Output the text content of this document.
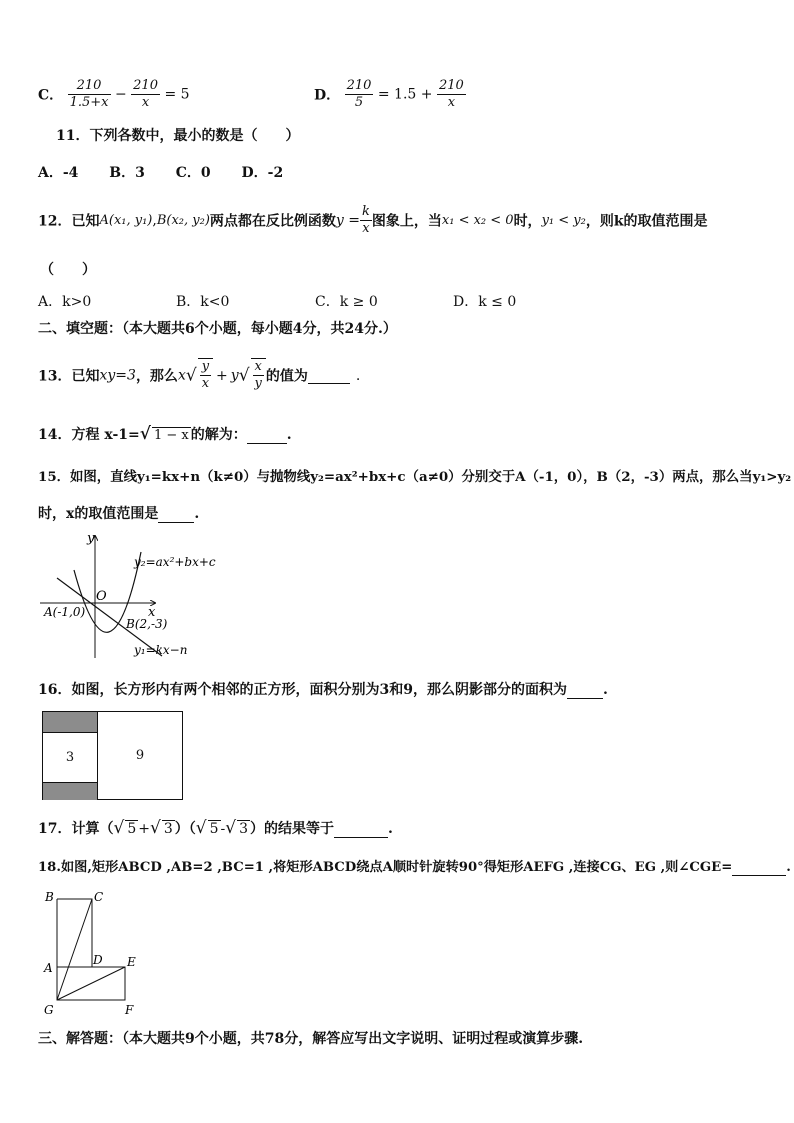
C． $\frac{210}{1.5+x} - \frac{210}{x} = 5$	D． $\frac{210}{5} = 1.5 + \frac{210}{x}$
11．下列各数中，最小的数是（　　）
A．-4 B．3 C．0 D．-2
12．已知A(x₁, y₁),B(x₂, y₂)两点都在反比例函数$y = \frac{k}{x}$ 图象上，当x₁ < x₂ < 0时，y₁ < y₂，则k的取值范围是
（　　）
A．k>0	B．k<0	C．k ≥ 0	D．k ≤ 0
二、填空题：（本大题共6个小题，每小题4分，共24分.）
13．已知xy=3，那么$x√ \frac{y}{x} + y√ \frac{x}{y}$ 的值为	.
14．方程 x-1=√ 1 − x 的解为：	.
15．如图，直线y₁=kx+n（k≠0）与抛物线y₂=ax²+bx+c（a≠0）分别交于A（-1，0），B（2，-3）两点，那么当y₁>y₂
时，x的取值范围是	.
y
x
O
y₂=ax²+bx+c
y₁=kx−n
A(-1,0)
B(2,-3)
16．如图，长方形内有两个相邻的正方形，面积分别为3和9，那么阴影部分的面积为	.
3	9
17．计算（√ 5 +√ 3 ）（√ 5 -√ 3 ）的结果等于	.
18.如图,矩形ABCD ,AB=2 ,BC=1 ,将矩形ABCD绕点A顺时针旋转90°得矩形AEFG ,连接CG、EG ,则∠CGE=	.
B	C
A
D E
G	F
三、解答题：（本大题共9个小题，共78分，解答应写出文字说明、证明过程或演算步骤.
